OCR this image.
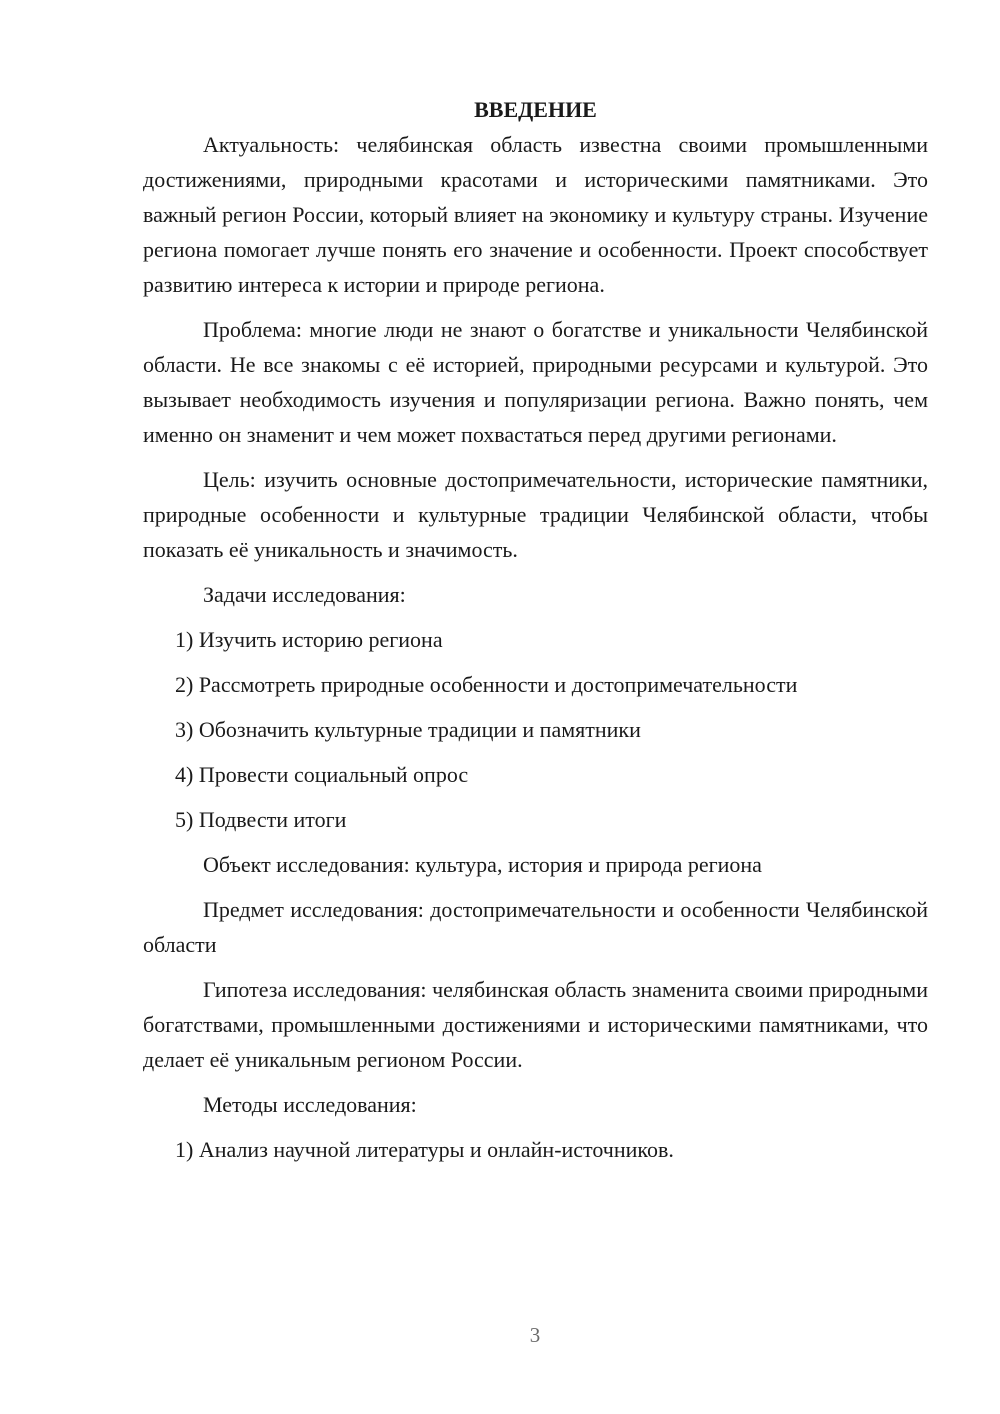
ВВЕДЕНИЕ

Актуальность: челябинская область известна своими промышленными достижениями, природными красотами и историческими памятниками. Это важный регион России, который влияет на экономику и культуру страны. Изучение региона помогает лучше понять его значение и особенности. Проект способствует развитию интереса к истории и природе региона.

Проблема: многие люди не знают о богатстве и уникальности Челябинской области. Не все знакомы с её историей, природными ресурсами и культурой. Это вызывает необходимость изучения и популяризации региона. Важно понять, чем именно он знаменит и чем может похвастаться перед другими регионами.

Цель: изучить основные достопримечательности, исторические памятники, природные особенности и культурные традиции Челябинской области, чтобы показать её уникальность и значимость.

Задачи исследования:

1) Изучить историю региона

2) Рассмотреть природные особенности и достопримечательности

3) Обозначить культурные традиции и памятники

4) Провести социальный опрос

5) Подвести итоги

Объект исследования: культура, история и природа региона

Предмет исследования: достопримечательности и особенности Челябинской области

Гипотеза исследования: челябинская область знаменита своими природными богатствами, промышленными достижениями и историческими памятниками, что делает её уникальным регионом России.

Методы исследования:

1) Анализ научной литературы и онлайн-источников.

3
